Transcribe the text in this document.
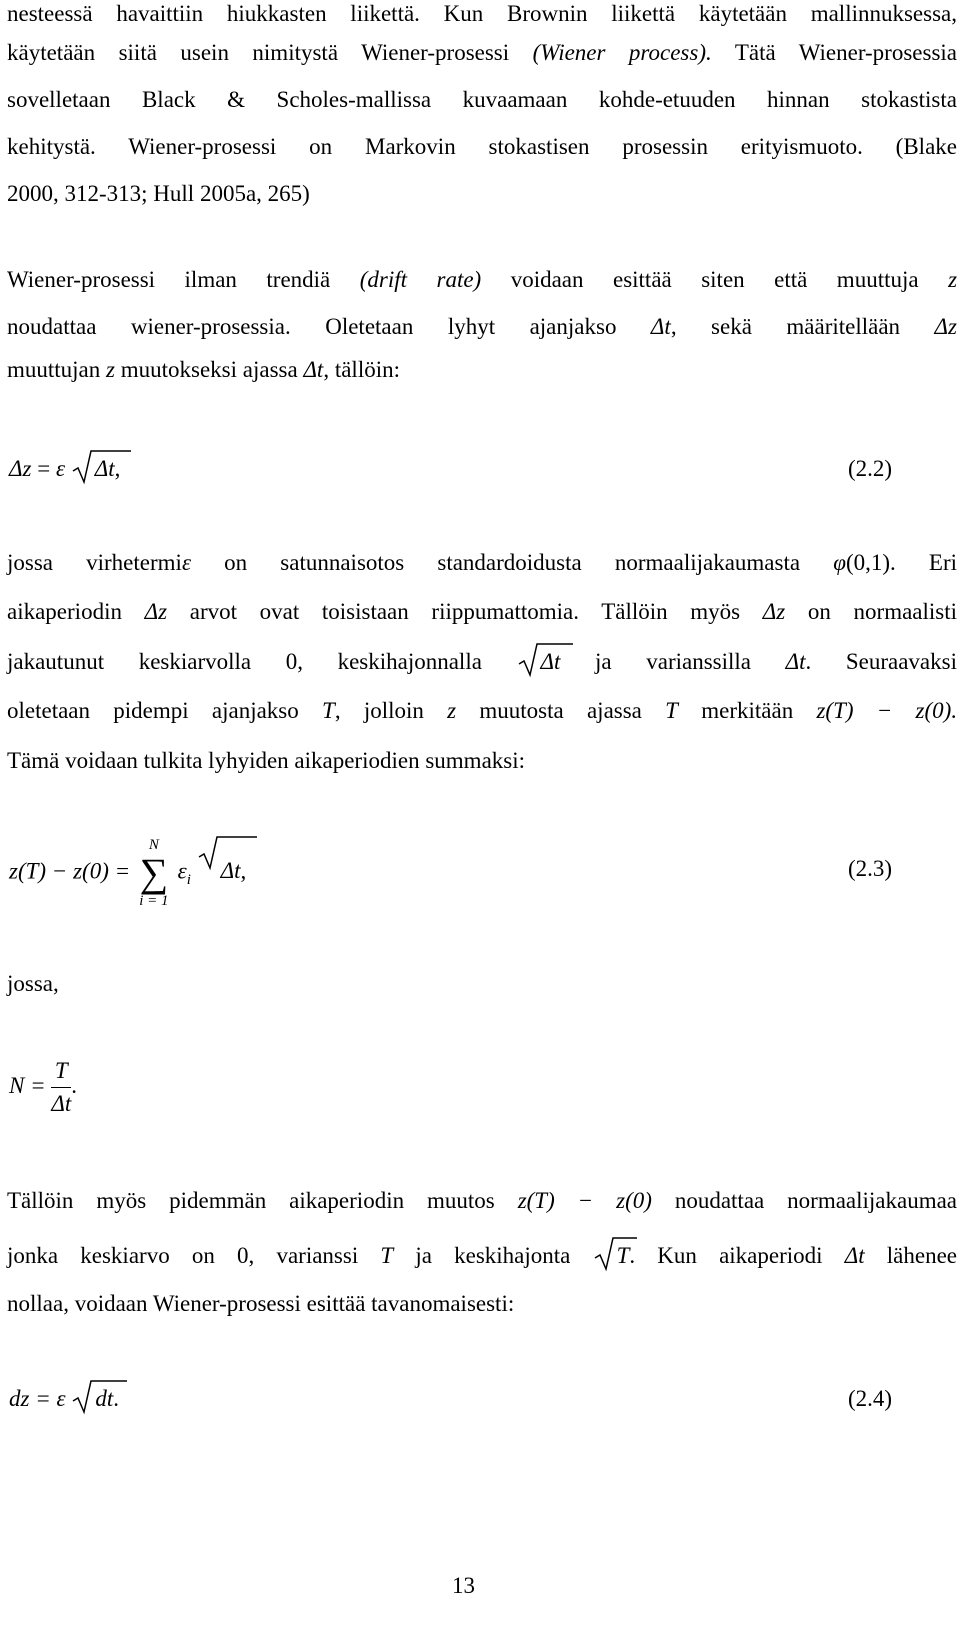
nesteessä havaittiin hiukkasten liikettä. Kun Brownin liikettä käytetään mallinnuksessa,
käytetään siitä usein nimitystä Wiener-prosessi (Wiener process). Tätä Wiener-prosessia
sovelletaan Black & Scholes-mallissa kuvaamaan kohde-etuuden hinnan stokastista
kehitystä. Wiener-prosessi on Markovin stokastisen prosessin erityismuoto. (Blake
2000, 312-313; Hull 2005a, 265)
Wiener-prosessi ilman trendiä (drift rate) voidaan esittää siten että muuttuja z
noudattaa wiener-prosessia. Oletetaan lyhyt ajanjakso Δt, sekä määritellään Δz
muuttujan z muutokseksi ajassa Δt, tällöin:
Δz = ε Δt,	(2.2)
jossa virhetermiε on satunnaisotos standardoidusta normaalijakaumasta φ(0,1). Eri
aikaperiodin Δz arvot ovat toisistaan riippumattomia. Tällöin myös Δz on normaalisti
jakautunut keskiarvolla 0, keskihajonnalla	Δt ja varianssilla Δt. Seuraavaksi
oletetaan pidempi ajanjakso T, jolloin z muutosta ajassa T merkitään z(T) − z(0).
Tämä voidaan tulkita lyhyiden aikaperiodien summaksi:
z(T) − z(0) =
N
∑
i = 1
$\varepsilon_i$ Δt,	(2.3)
jossa,
$N = \frac{T}{\Delta t}$ .
Tällöin myös pidemmän aikaperiodin muutos z(T) − z(0) noudattaa normaalijakaumaa
jonka keskiarvo on 0, varianssi T ja keskihajonta T. Kun aikaperiodi Δt lähenee
nollaa, voidaan Wiener-prosessi esittää tavanomaisesti:
dz = ε dt.	(2.4)
13
